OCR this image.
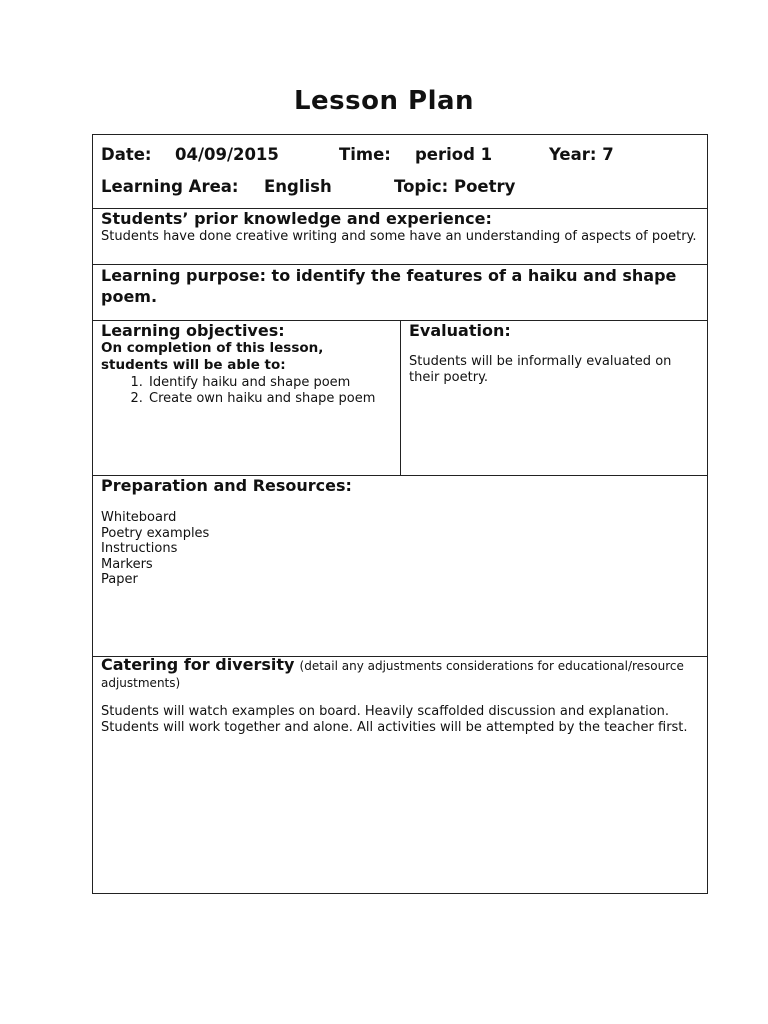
Lesson Plan
Date: 04/09/2015	Time: period 1	Year: 7
Learning Area: English	Topic: Poetry
Students’ prior knowledge and experience:
Students have done creative writing and some have an understanding of aspects of poetry.
Learning purpose: to identify the features of a haiku and shape poem.
Learning objectives:
On completion of this lesson, students will be able to:
1. Identify haiku and shape poem
2. Create own haiku and shape poem
Evaluation:
Students will be informally evaluated on their poetry.
Preparation and Resources:
Whiteboard
Poetry examples
Instructions
Markers
Paper
Catering for diversity (detail any adjustments considerations for educational/resource adjustments)
Students will watch examples on board. Heavily scaffolded discussion and explanation. Students will work together and alone. All activities will be attempted by the teacher first.
